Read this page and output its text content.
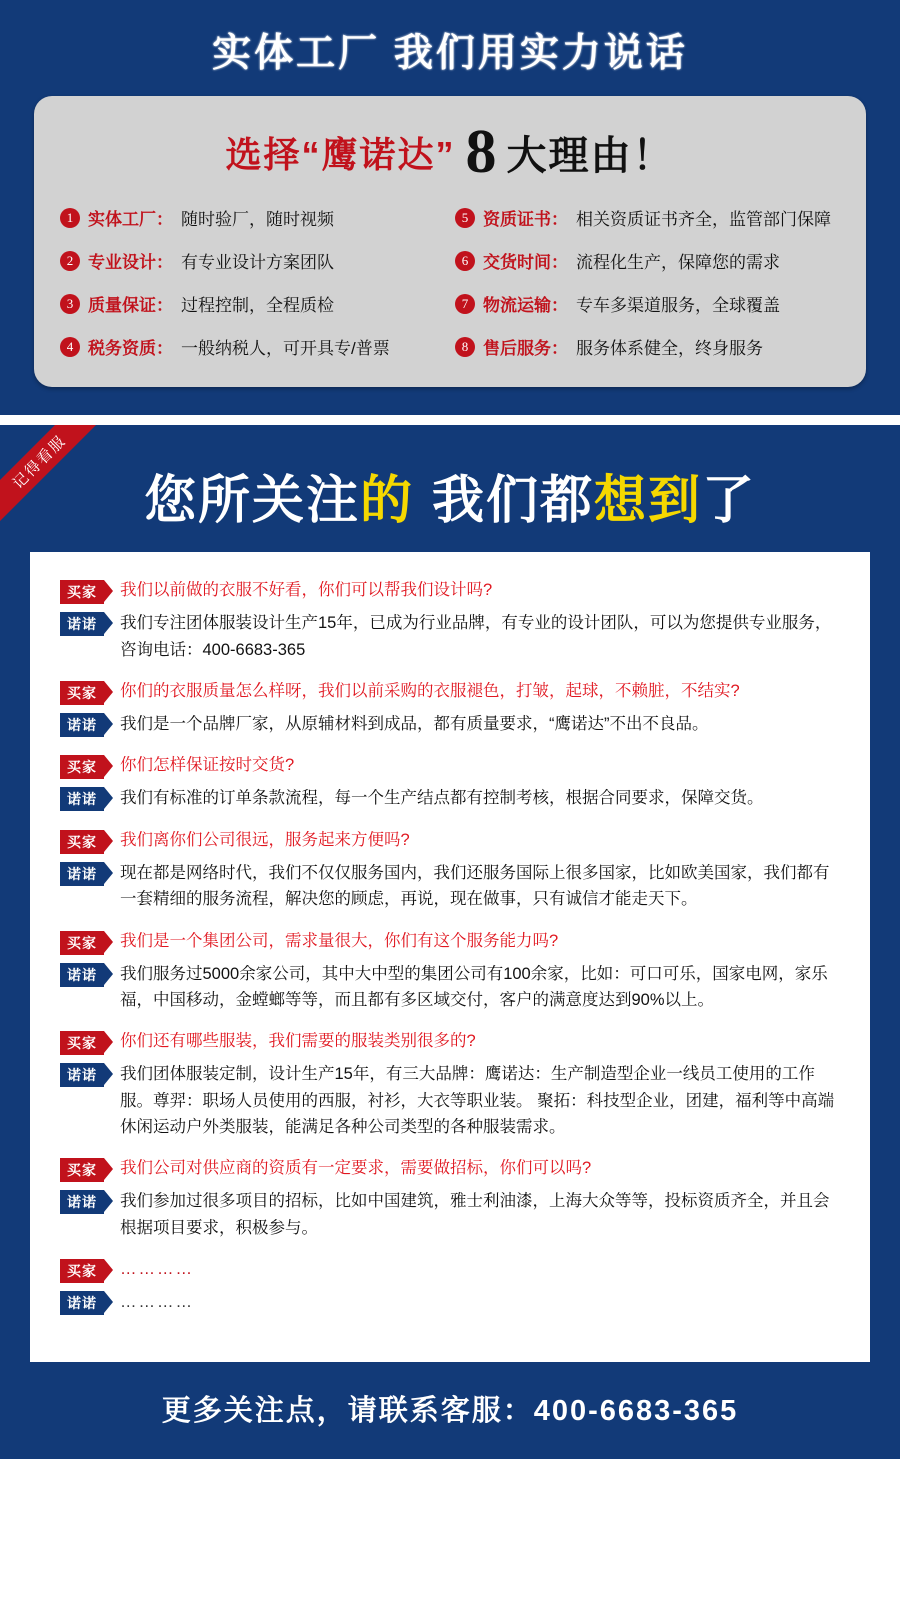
实体工厂 我们用实力说话
选择“鹰诺达” 8 大理由！
1 实体工厂： 随时验厂，随时视频	5 资质证书： 相关资质证书齐全，监管部门保障
2 专业设计： 有专业设计方案团队	6 交货时间： 流程化生产，保障您的需求
3 质量保证： 过程控制，全程质检	7 物流运输： 专车多渠道服务，全球覆盖
4 税务资质： 一般纳税人，可开具专/普票	8 售后服务： 服务体系健全，终身服务
记得看服
您所关注的 我们都想到了
买家	我们以前做的衣服不好看，你们可以帮我们设计吗?
诺诺	我们专注团体服装设计生产15年，已成为行业品牌，有专业的设计团队，可以为您提供专业服务，咨询电话：400-6683-365
买家	你们的衣服质量怎么样呀，我们以前采购的衣服褪色，打皱，起球，不赖脏，不结实?
诺诺	我们是一个品牌厂家，从原辅材料到成品，都有质量要求，“鹰诺达”不出不良品。
买家	你们怎样保证按时交货?
诺诺	我们有标准的订单条款流程，每一个生产结点都有控制考核，根据合同要求，保障交货。
买家	我们离你们公司很远，服务起来方便吗?
诺诺	现在都是网络时代，我们不仅仅服务国内，我们还服务国际上很多国家，比如欧美国家，我们都有一套精细的服务流程，解决您的顾虑，再说，现在做事，只有诚信才能走天下。
买家	我们是一个集团公司，需求量很大，你们有这个服务能力吗?
诺诺	我们服务过5000余家公司，其中大中型的集团公司有100余家，比如：可口可乐，国家电网，家乐福，中国移动，金螳螂等等，而且都有多区域交付，客户的满意度达到90%以上。
买家	你们还有哪些服装，我们需要的服装类别很多的?
诺诺	我们团体服装定制，设计生产15年，有三大品牌：鹰诺达：生产制造型企业一线员工使用的工作服。尊羿：职场人员使用的西服，衬衫，大衣等职业装。 聚拓：科技型企业，团建，福利等中高端休闲运动户外类服装，能满足各种公司类型的各种服装需求。
买家	我们公司对供应商的资质有一定要求，需要做招标，你们可以吗?
诺诺	我们参加过很多项目的招标，比如中国建筑，雅士利油漆，上海大众等等，投标资质齐全，并且会根据项目要求，积极参与。
买家	…………
诺诺	…………
更多关注点，请联系客服：400-6683-365
